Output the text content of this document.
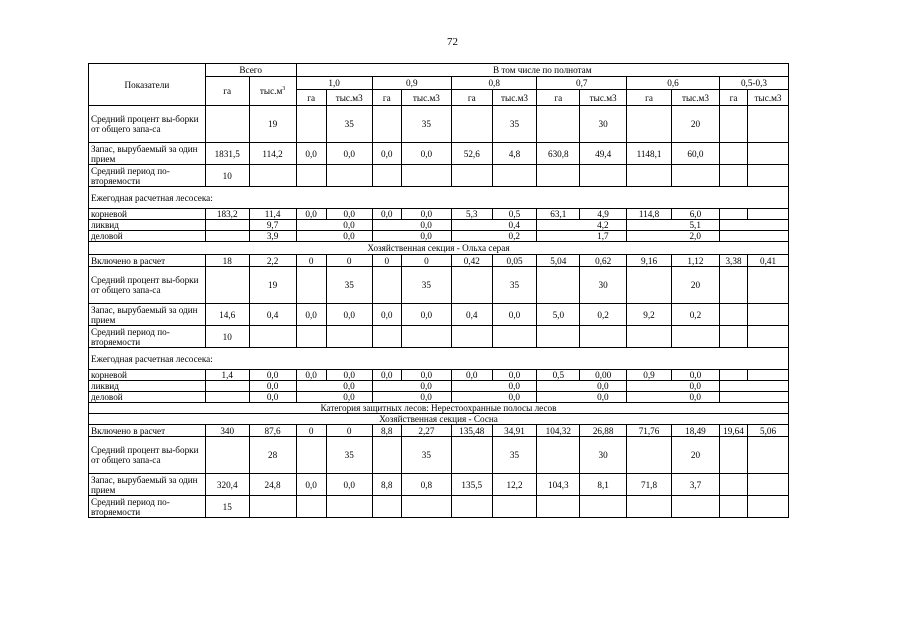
72
Показатели	Всего		В том числе по полнотам											
	га	$тыс.м^3$	1,0		0,9		0,8		0,7		0,6		0,5-0,3	
			га	тыс.м3	га	тыс.м3	га	тыс.м3	га	тыс.м3	га	тыс.м3	га	тыс.м3
Средний процент вы-борки от общего запа-са		19		35		35		35		30		20		
Запас, вырубаемый за один прием	1831,5	114,2	0,0	0,0	0,0	0,0	52,6	4,8	630,8	49,4	1148,1	60,0		
Средний период по-вторяемости	10													
Ежегодная расчетная лесосека:														
корневой	183,2	11,4	0,0	0,0	0,0	0,0	5,3	0,5	63,1	4,9	114,8	6,0		
ликвид		9,7		0,0		0,0		0,4		4,2		5,1		
деловой		3,9		0,0		0,0		0,2		1,7		2,0		
Хозяйственная секция - Ольха серая														
Включено в расчет	18	2,2	0	0	0	0	0,42	0,05	5,04	0,62	9,16	1,12	3,38	0,41
Средний процент вы-борки от общего запа-са		19		35		35		35		30		20		
Запас, вырубаемый за один прием	14,6	0,4	0,0	0,0	0,0	0,0	0,4	0,0	5,0	0,2	9,2	0,2		
Средний период по-вторяемости	10													
Ежегодная расчетная лесосека:														
корневой	1,4	0,0	0,0	0,0	0,0	0,0	0,0	0,0	0,5	0,00	0,9	0,0		
ликвид		0,0		0,0		0,0		0,0		0,0		0,0		
деловой		0,0		0,0		0,0		0,0		0,0		0,0		
Категория защитных лесов: Нерестоохранные полосы лесов														
Хозяйственная секция - Сосна														
Включено в расчет	340	87,6	0	0	8,8	2,27	135,48	34,91	104,32	26,88	71,76	18,49	19,64	5,06
Средний процент вы-борки от общего запа-са		28		35		35		35		30		20		
Запас, вырубаемый за один прием	320,4	24,8	0,0	0,0	8,8	0,8	135,5	12,2	104,3	8,1	71,8	3,7		
Средний период по-вторяемости	15													
